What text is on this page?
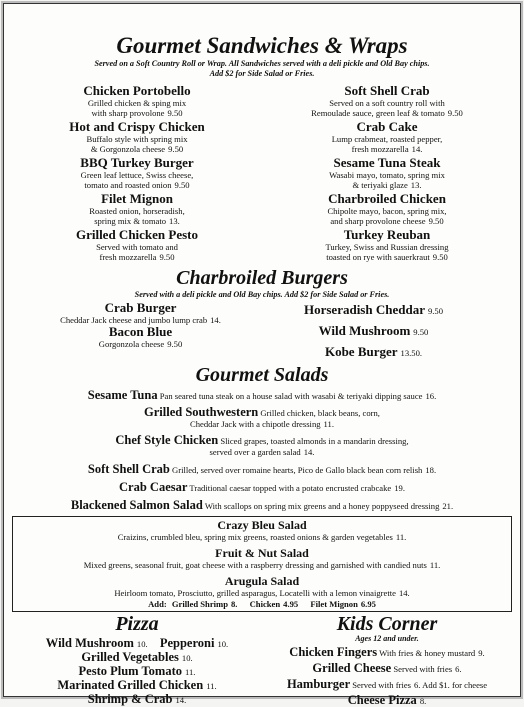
Gourmet Sandwiches & Wraps
Served on a Soft Country Roll or Wrap. All Sandwiches served with a deli pickle and Old Bay chips.
Add $2 for Side Salad or Fries.
Chicken Portobello
Grilled chicken & sping mix
with sharp provolone 9.50
Hot and Crispy Chicken
Buffalo style with spring mix
& Gorgonzola cheese 9.50
BBQ Turkey Burger
Green leaf lettuce, Swiss cheese,
tomato and roasted onion 9.50
Filet Mignon
Roasted onion, horseradish,
spring mix & tomato 13.
Grilled Chicken Pesto
Served with tomato and
fresh mozzarella 9.50
Soft Shell Crab
Served on a soft country roll with
Remoulade sauce, green leaf & tomato 9.50
Crab Cake
Lump crabmeat, roasted pepper,
fresh mozzarella 14.
Sesame Tuna Steak
Wasabi mayo, tomato, spring mix
& teriyaki glaze 13.
Charbroiled Chicken
Chipolte mayo, bacon, spring mix,
and sharp provolone cheese 9.50
Turkey Reuban
Turkey, Swiss and Russian dressing
toasted on rye with sauerkraut 9.50
Charbroiled Burgers
Served with a deli pickle and Old Bay chips. Add $2 for Side Salad or Fries.
Crab Burger
Cheddar Jack cheese and jumbo lump crab 14.
Bacon Blue
Gorgonzola cheese 9.50
Horseradish Cheddar 9.50
Wild Mushroom 9.50
Kobe Burger 13.50.
Gourmet Salads
Sesame Tuna Pan seared tuna steak on a house salad with wasabi & teriyaki dipping sauce 16.
Grilled Southwestern Grilled chicken, black beans, corn,
Cheddar Jack with a chipotle dressing 11.
Chef Style Chicken Sliced grapes, toasted almonds in a mandarin dressing,
served over a garden salad 14.
Soft Shell Crab Grilled, served over romaine hearts, Pico de Gallo black bean corn relish 18.
Crab Caesar Traditional caesar topped with a potato encrusted crabcake 19.
Blackened Salmon Salad With scallops on spring mix greens and a honey poppyseed dressing 21.
Crazy Bleu Salad
Craizins, crumbled bleu, spring mix greens, roasted onions & garden vegetables 11.
Fruit & Nut Salad
Mixed greens, seasonal fruit, goat cheese with a raspberry dressing and garnished with candied nuts 11.
Arugula Salad
Heirloom tomato, Prosciutto, grilled asparagus, Locatelli with a lemon vinaigrette 14.
Add: Grilled Shrimp 8. Chicken 4.95 Filet Mignon 6.95
Pizza
Wild Mushroom 10. Pepperoni 10.
Grilled Vegetables 10.
Pesto Plum Tomato 11.
Marinated Grilled Chicken 11.
Shrimp & Crab 14.
Kids Corner
Ages 12 and under.
Chicken Fingers With fries & honey mustard 9.
Grilled Cheese Served with fries 6.
Hamburger Served with fries 6. Add $1. for cheese
Cheese Pizza 8.
